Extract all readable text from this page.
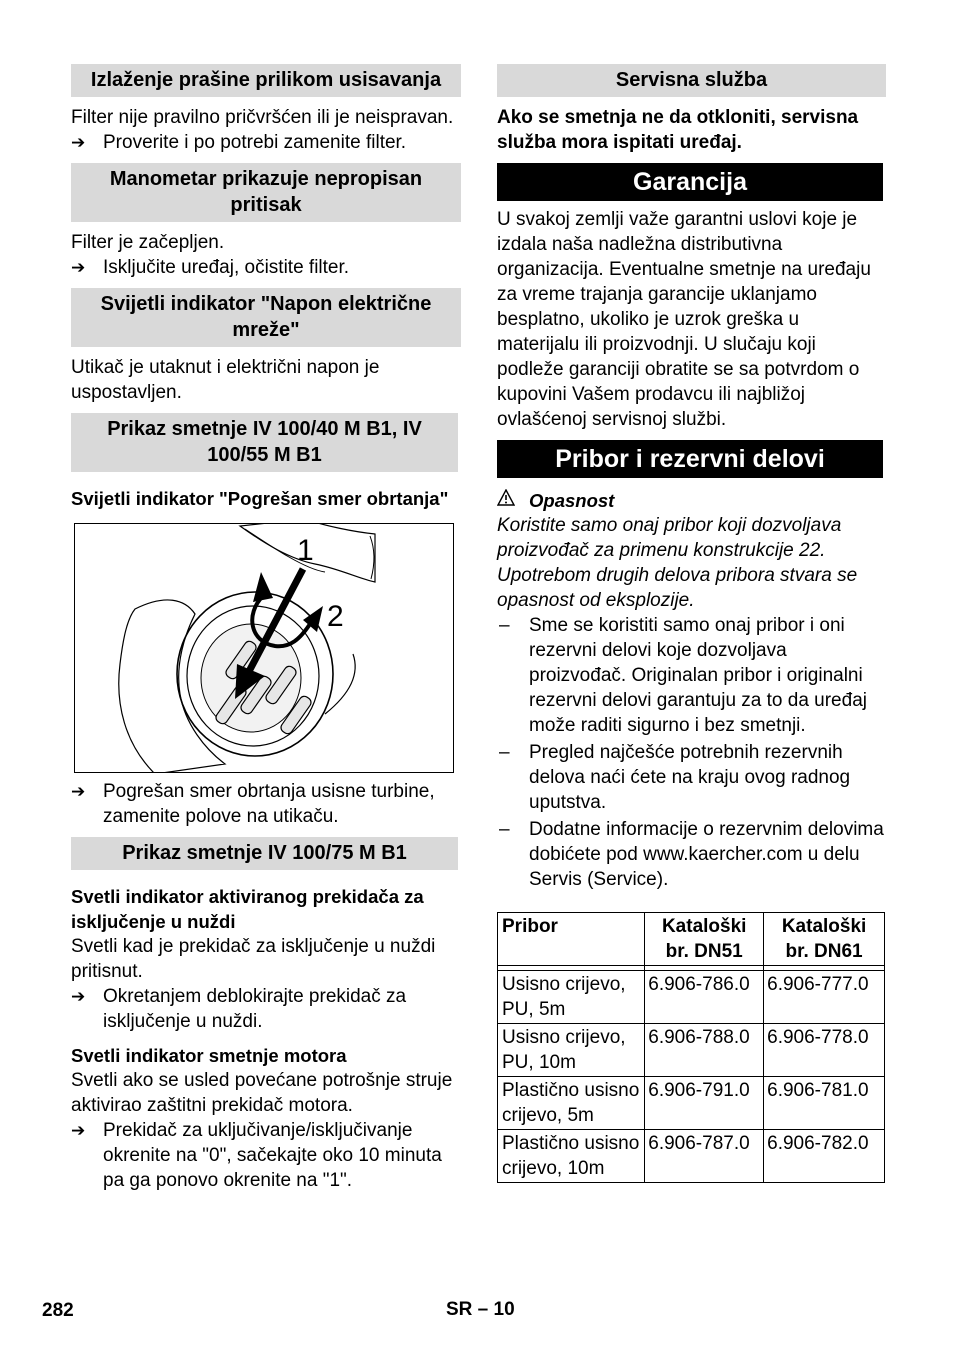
Izlaženje prašine prilikom usisavanja

Filter nije pravilno pričvršćen ili je neispravan.

➔ Proverite i po potrebi zamenite filter.
Manometar prikazuje nepropisan pritisak

Filter je začepljen.

➔ Isključite uređaj, očistite filter.
Svijetli indikator "Napon električne mreže"

Utikač je utaknut i električni napon je uspostavljen.

Prikaz smetnje IV 100/40 M B1, IV 100/55 M B1

Svijetli indikator "Pogrešan smer obrtanja"

1
2
➔ Pogrešan smer obrtanja usisne turbine, zamenite polove na utikaču.
Prikaz smetnje IV 100/75 M B1

Svetli indikator aktiviranog prekidača za isključenje u nuždi

Svetli kad je prekidač za isključenje u nuždi pritisnut.

➔ Okretanjem deblokirajte prekidač za isključenje u nuždi.

Svetli indikator smetnje motora

Svetli ako se usled povećane potrošnje struje aktivirao zaštitni prekidač motora.

➔ Prekidač za uključivanje/isključivanje okrenite na "0", sačekajte oko 10 minuta pa ga ponovo okrenite na "1".
Servisna služba

Ako se smetnja ne da otkloniti, servisna služba mora ispitati uređaj.

Garancija

U svakoj zemlji važe garantni uslovi koje je izdala naša nadležna distributivna organizacija. Eventualne smetnje na uređaju za vreme trajanja garancije uklanjamo besplatno, ukoliko je uzrok greška u materijalu ili proizvodnji. U slučaju koji podleže garanciji obratite se sa potvrdom o kupovini Vašem prodavcu ili najbližoj ovlašćenoj servisnoj službi.

Pribor i rezervni delovi
Opasnost

Koristite samo onaj pribor koji dozvoljava proizvođač za primenu konstrukcije 22. Upotrebom drugih delova pribora stvara se opasnost od eksplozije.

–	Sme se koristiti samo onaj pribor i oni rezervni delovi koje dozvoljava proizvođač. Originalan pribor i originalni rezervni delovi garantuju za to da uređaj može raditi sigurno i bez smetnji.
–	Pregled najčešće potrebnih rezervnih delova naći ćete na kraju ovog radnog uputstva.
–	Dodatne informacije o rezervnim delovima dobićete pod www.kaercher.com u delu Servis (Service).
Pribor	Kataloški br. DN51	Kataloški br. DN61

Usisno crijevo, PU, 5m	6.906-786.0	6.906-777.0
Usisno crijevo, PU, 10m	6.906-788.0	6.906-778.0
Plastično usisno crijevo, 5m	6.906-791.0	6.906-781.0
Plastično usisno crijevo, 10m	6.906-787.0	6.906-782.0
282	SR – 10
